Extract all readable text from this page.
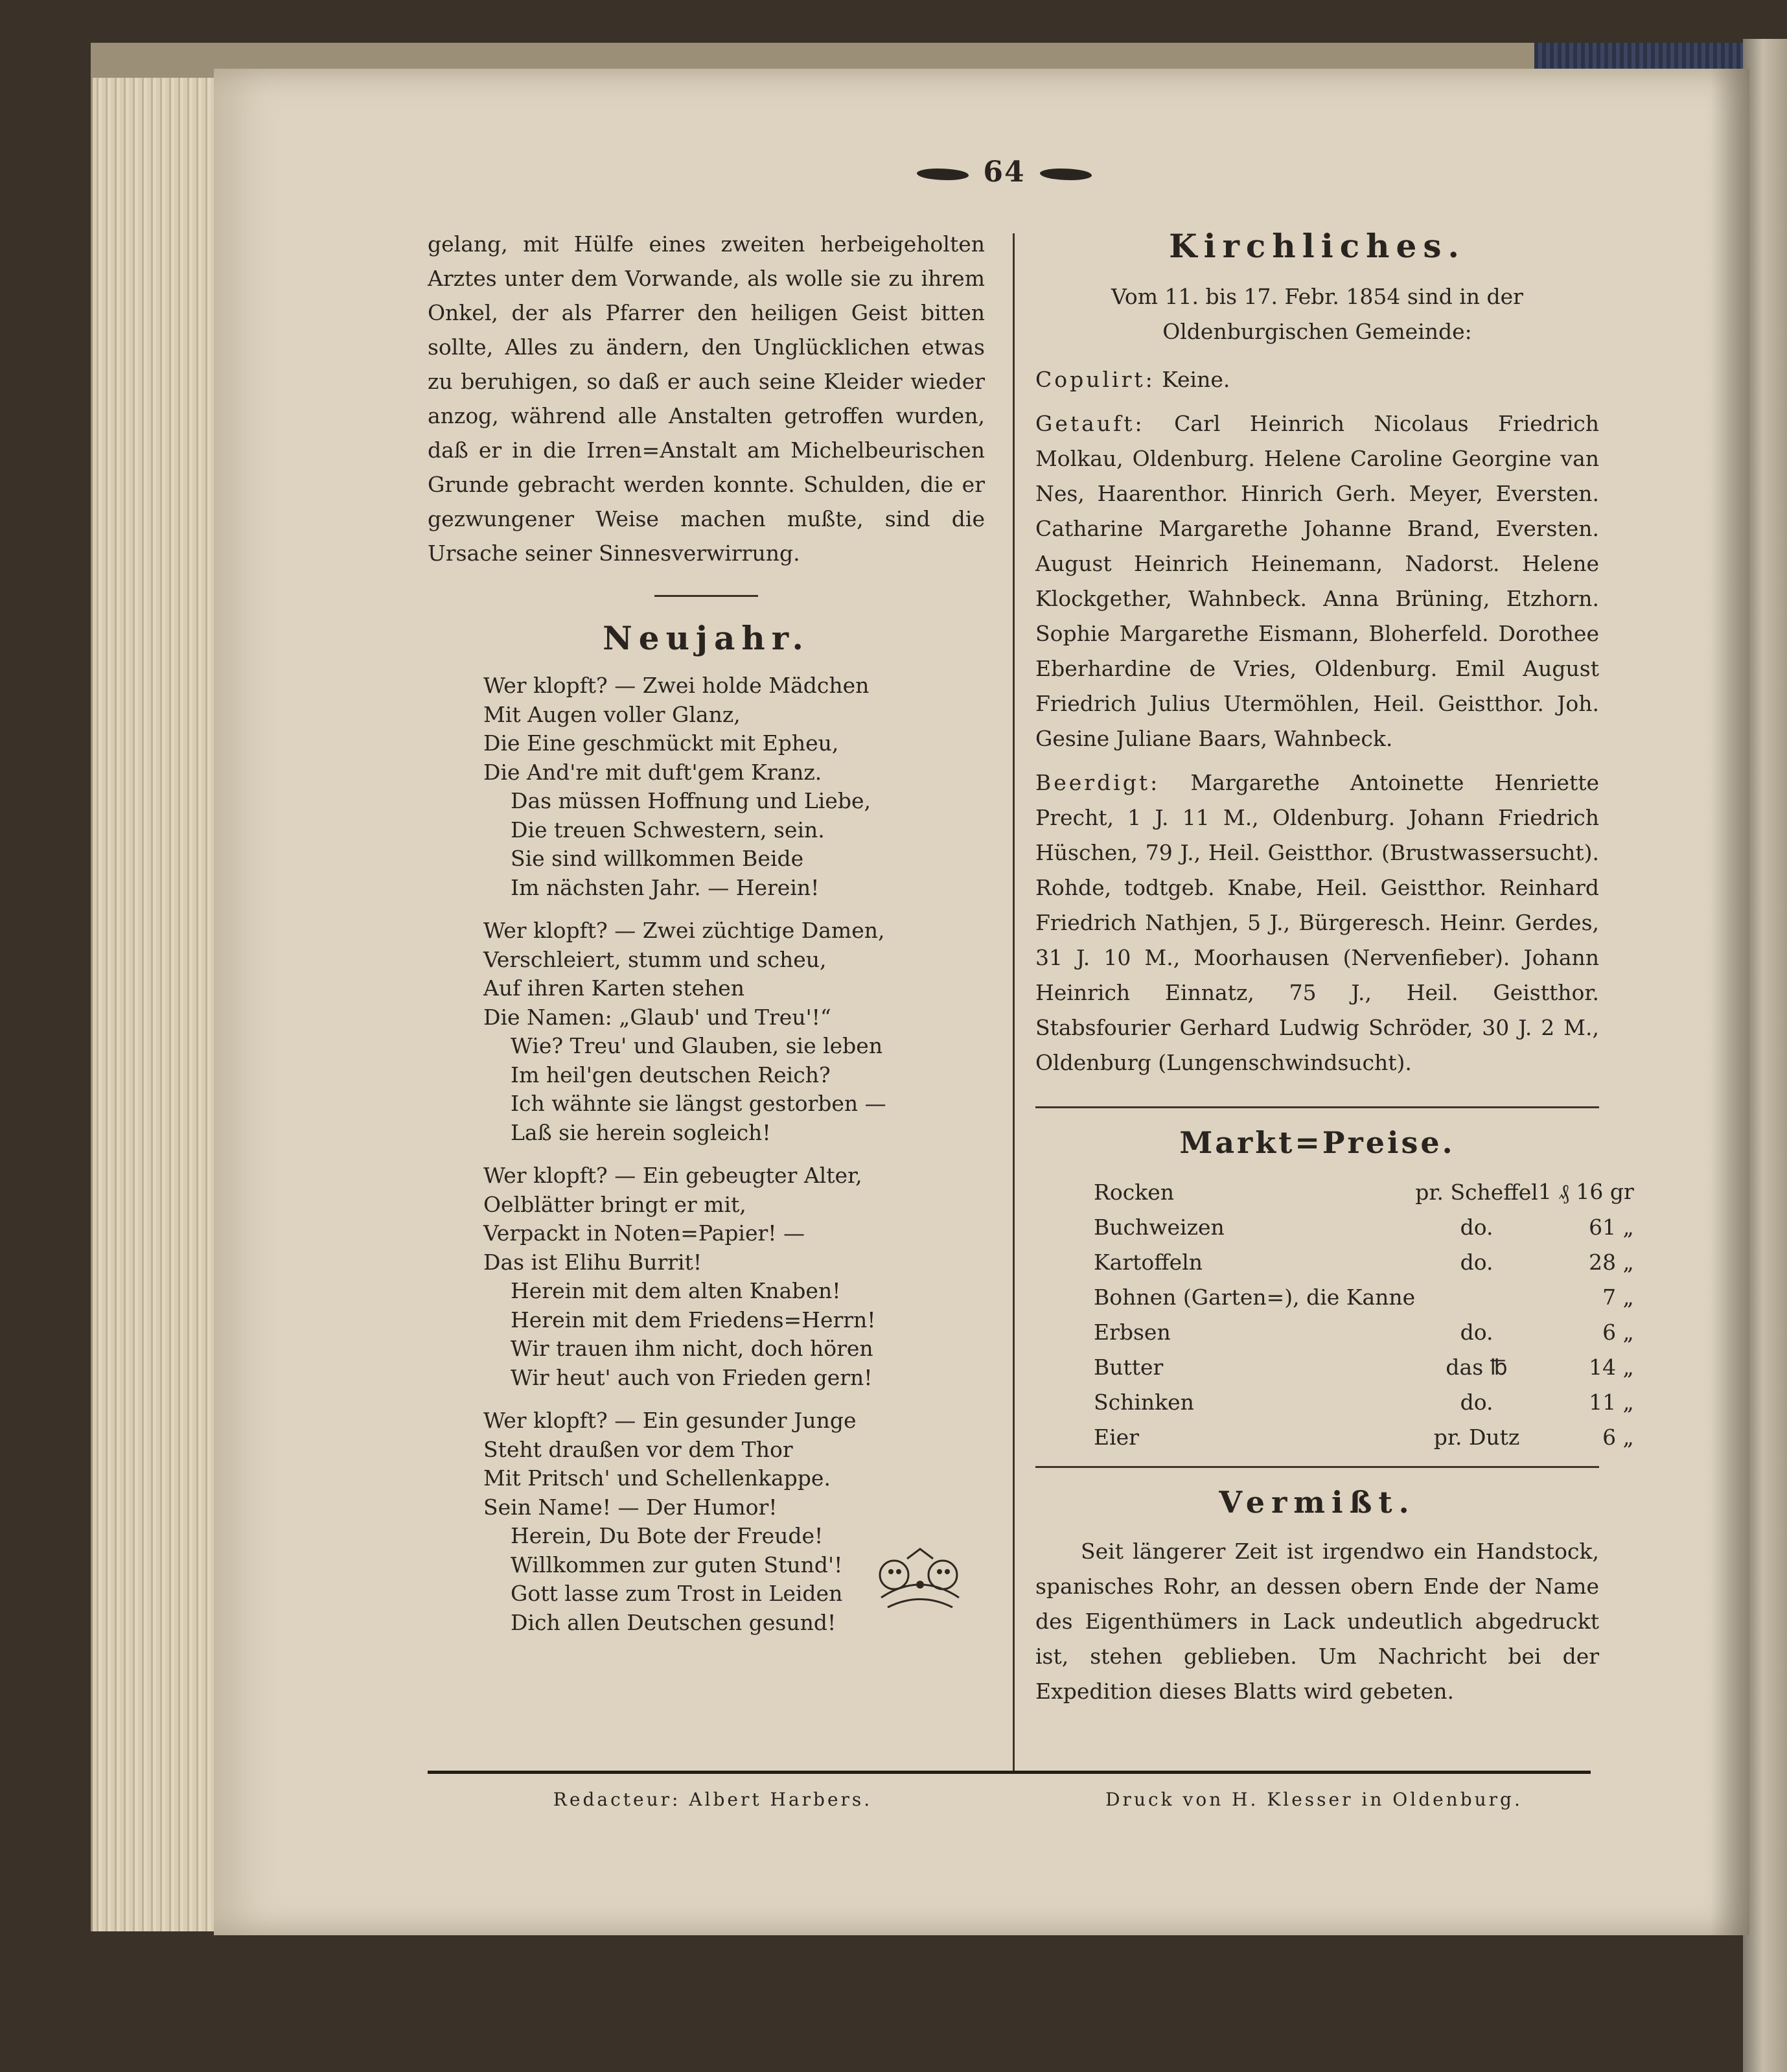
64

gelang, mit Hülfe eines zweiten herbeigeholten Arztes unter dem Vorwande, als wolle sie zu ihrem Onkel, der als Pfarrer den heiligen Geist bitten sollte, Alles zu ändern, den Unglücklichen etwas zu beruhigen, so daß er auch seine Kleider wieder anzog, während alle Anstalten getroffen wurden, daß er in die Irren=Anstalt am Michelbeurischen Grunde gebracht werden konnte. Schulden, die er gezwungener Weise machen mußte, sind die Ursache seiner Sinnesverwirrung.

Neujahr.
Wer klopft? — Zwei holde Mädchen
Mit Augen voller Glanz,
Die Eine geschmückt mit Epheu,
Die And're mit duft'gem Kranz.
Das müssen Hoffnung und Liebe,
Die treuen Schwestern, sein.
Sie sind willkommen Beide
Im nächsten Jahr. — Herein!
Wer klopft? — Zwei züchtige Damen,
Verschleiert, stumm und scheu,
Auf ihren Karten stehen
Die Namen: „Glaub' und Treu'!“
Wie? Treu' und Glauben, sie leben
Im heil'gen deutschen Reich?
Ich wähnte sie längst gestorben —
Laß sie herein sogleich!
Wer klopft? — Ein gebeugter Alter,
Oelblätter bringt er mit,
Verpackt in Noten=Papier! —
Das ist Elihu Burrit!
Herein mit dem alten Knaben!
Herein mit dem Friedens=Herrn!
Wir trauen ihm nicht, doch hören
Wir heut' auch von Frieden gern!
Wer klopft? — Ein gesunder Junge
Steht draußen vor dem Thor
Mit Pritsch' und Schellenkappe.
Sein Name! — Der Humor!
Herein, Du Bote der Freude!
Willkommen zur guten Stund'!
Gott lasse zum Trost in Leiden
Dich allen Deutschen gesund!
Kirchliches.

Vom 11. bis 17. Febr. 1854 sind in der Oldenburgischen Gemeinde:

Copulirt: Keine.

Getauft: Carl Heinrich Nicolaus Friedrich Molkau, Oldenburg. Helene Caroline Georgine van Nes, Haarenthor. Hinrich Gerh. Meyer, Eversten. Catharine Margarethe Johanne Brand, Eversten. August Heinrich Heinemann, Nadorst. Helene Klockgether, Wahnbeck. Anna Brüning, Etzhorn. Sophie Margarethe Eismann, Bloherfeld. Dorothee Eberhardine de Vries, Oldenburg. Emil August Friedrich Julius Utermöhlen, Heil. Geistthor. Joh. Gesine Juliane Baars, Wahnbeck.

Beerdigt: Margarethe Antoinette Henriette Precht, 1 J. 11 M., Oldenburg. Johann Friedrich Hüschen, 79 J., Heil. Geistthor. (Brustwassersucht). Rohde, todtgeb. Knabe, Heil. Geistthor. Reinhard Friedrich Nathjen, 5 J., Bürgeresch. Heinr. Gerdes, 31 J. 10 M., Moorhausen (Nervenfieber). Johann Heinrich Einnatz, 75 J., Heil. Geistthor. Stabsfourier Gerhard Ludwig Schröder, 30 J. 2 M., Oldenburg (Lungenschwindsucht).

Markt=Preise.
Rocken	pr. Scheffel	1 ₰ 16 gr
Buchweizen	do.	61 „
Kartoffeln	do.	28 „
Bohnen (Garten=), die Kanne		7 „
Erbsen	do.	6 „
Butter	das ℔	14 „
Schinken	do.	11 „
Eier	pr. Dutz	6 „
Vermißt.

Seit längerer Zeit ist irgendwo ein Handstock, spanisches Rohr, an dessen obern Ende der Name des Eigenthümers in Lack undeutlich abgedruckt ist, stehen geblieben. Um Nachricht bei der Expedition dieses Blatts wird gebeten.

Redacteur: Albert Harbers.	Druck von H. Klesser in Oldenburg.
